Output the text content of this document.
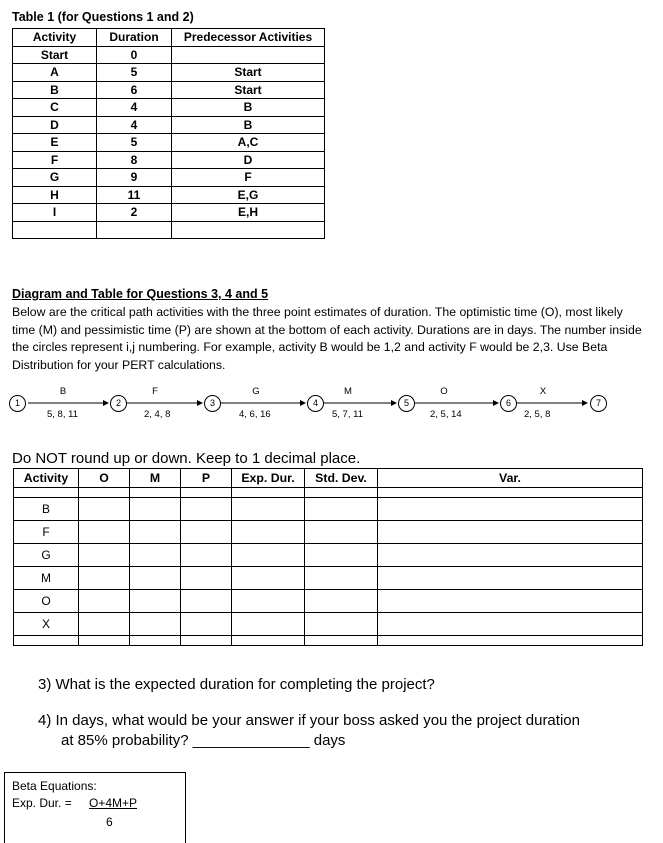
Table 1 (for Questions 1 and 2)
Activity	Duration	Predecessor Activities
Start	0	
A	5	Start
B	6	Start
C	4	B
D	4	B
E	5	A,C
F	8	D
G	9	F
H	11	E,G
I	2	E,H

Diagram and Table for Questions 3, 4 and 5
Below are the critical path activities with the three point estimates of duration. The optimistic time (O), most likely time (M) and pessimistic time (P) are shown at the bottom of each activity. Durations are in days. The number inside the circles represent i,j numbering. For example, activity B would be 1,2 and activity F would be 2,3. Use Beta Distribution for your PERT calculations.
1	2	3	4	5	6	7
B	F	G	M	O	X
5, 8, 11	2, 4, 8	4, 6, 16	5, 7, 11	2, 5, 14	2, 5, 8
Do NOT round up or down. Keep to 1 decimal place.
Activity	O	M	P	Exp. Dur.	Std. Dev.	Var.

B						
F						
G						
M						
O						
X						

3) What is the expected duration for completing the project?
4) In days, what would be your answer if your boss asked you the project duration
at 85% probability? ______________ days
Beta Equations:
Exp. Dur. = O+4M+P
6
